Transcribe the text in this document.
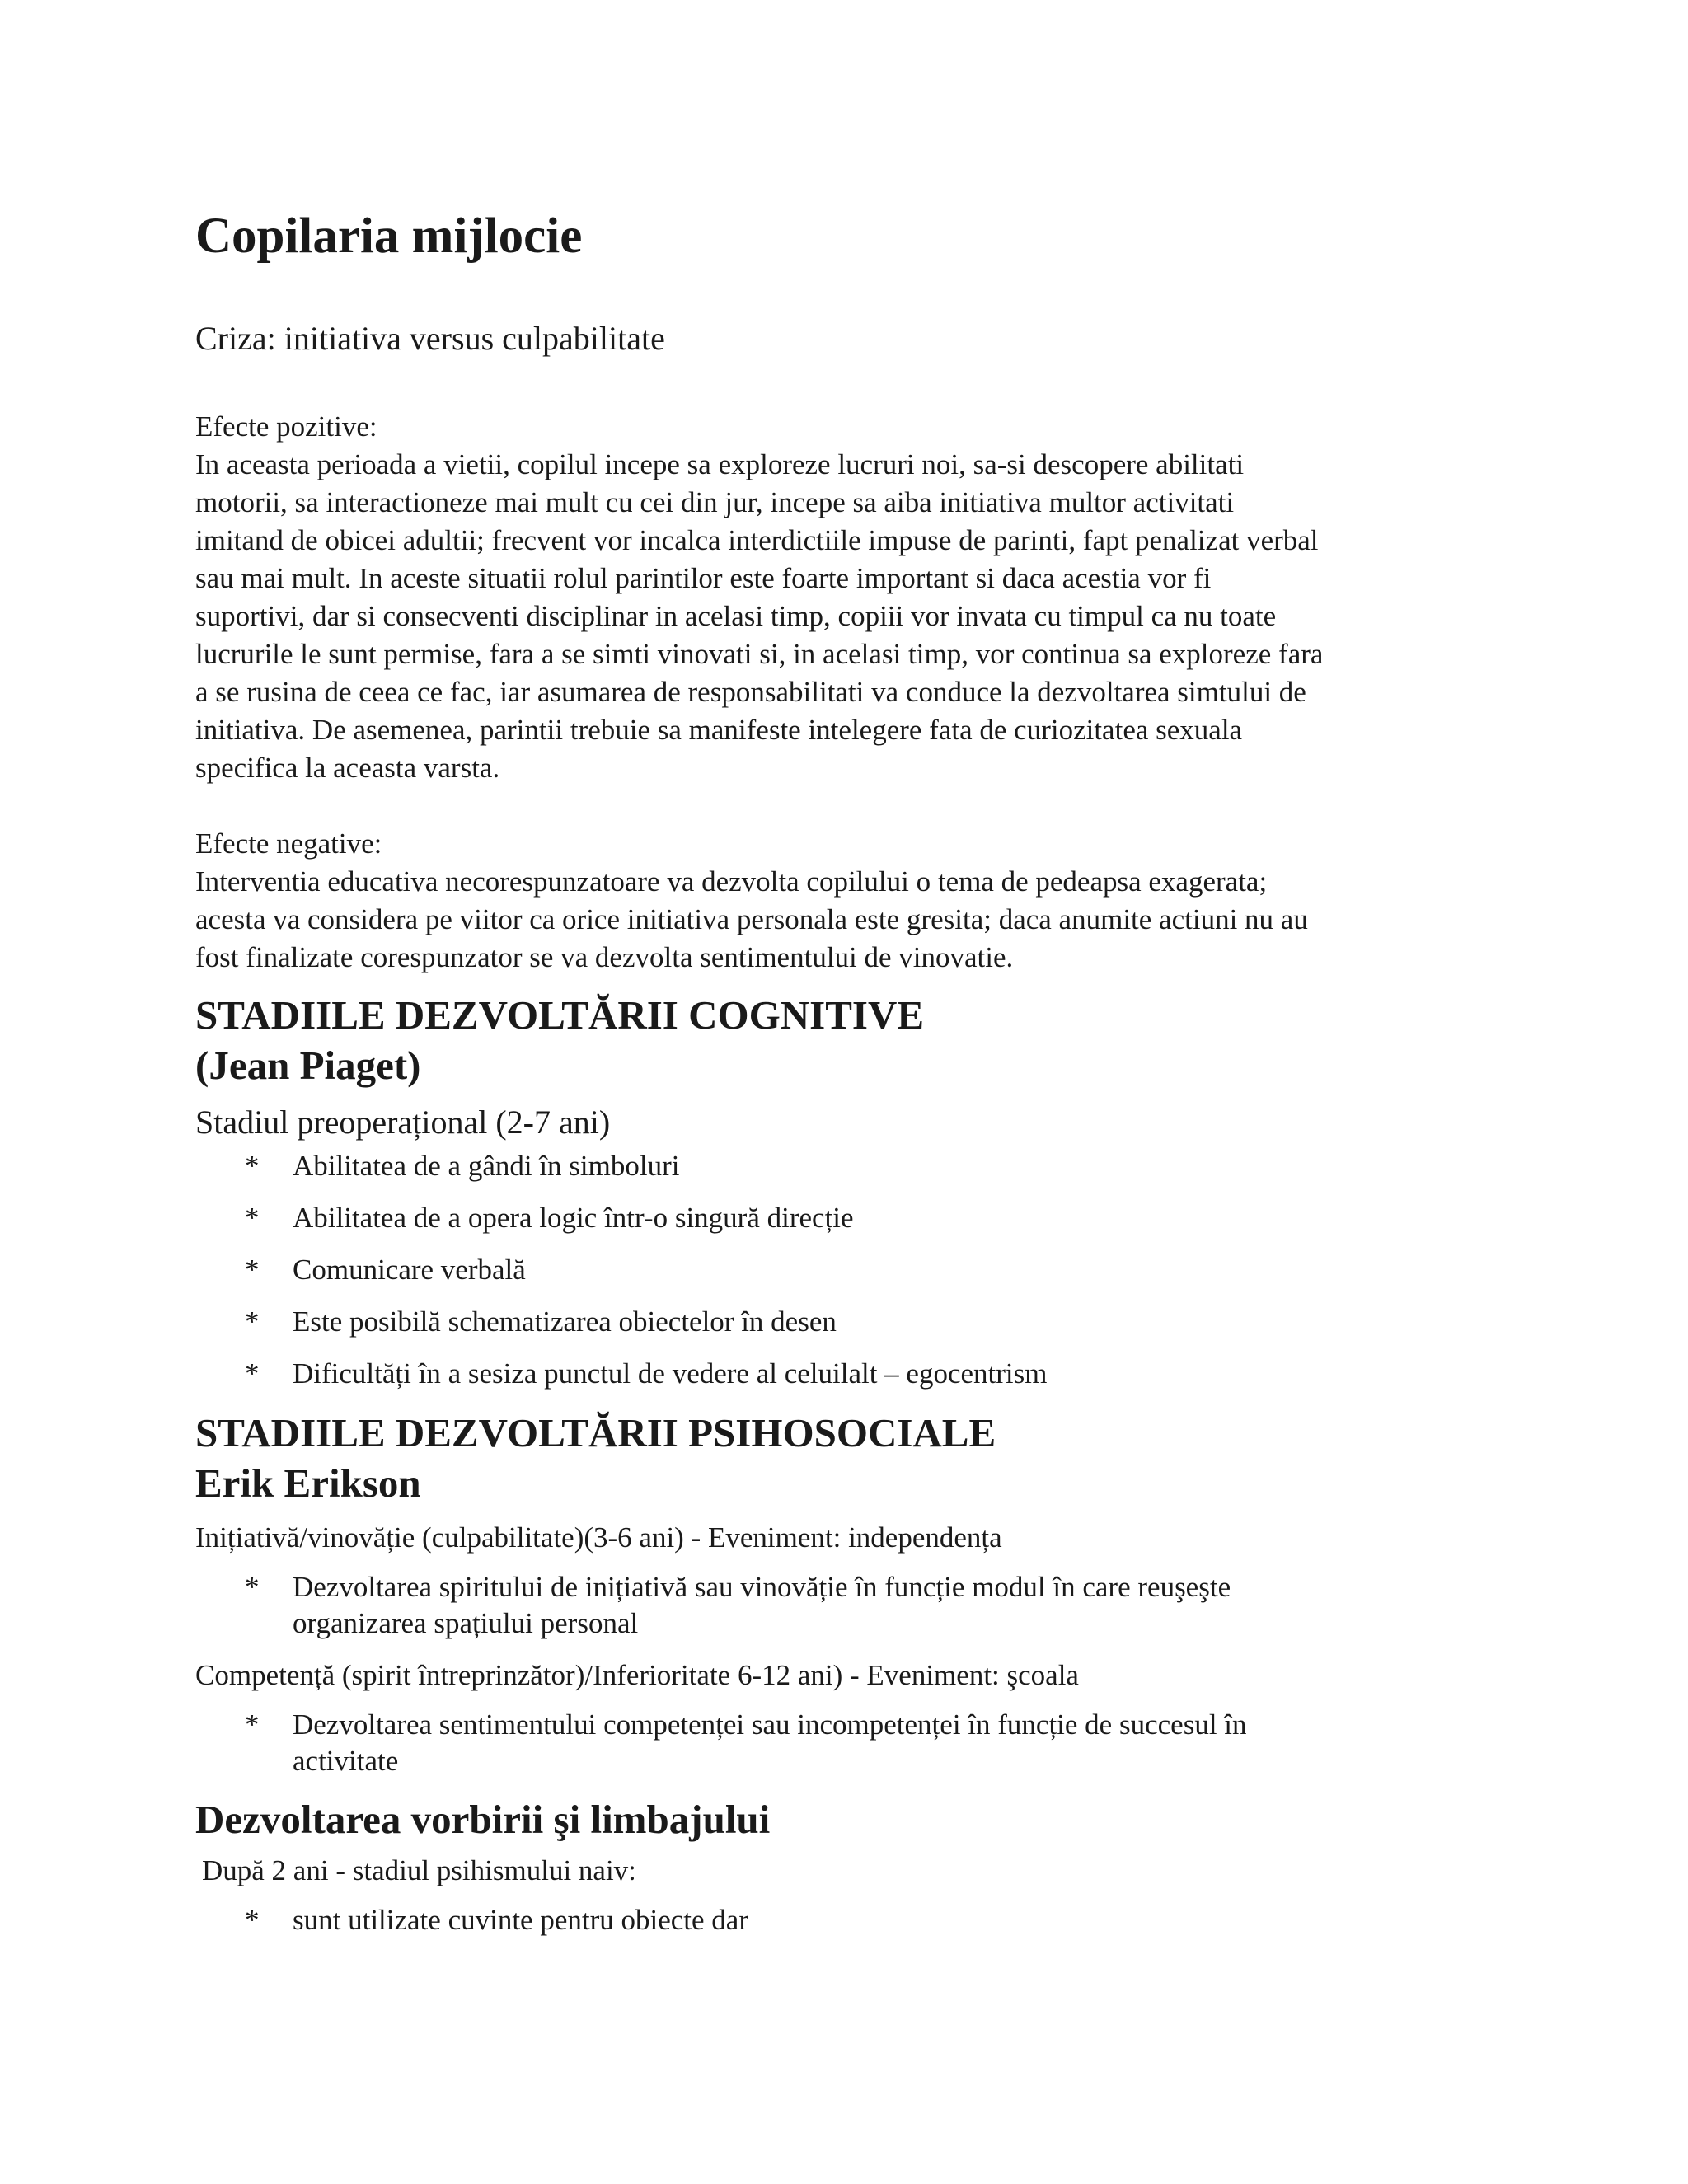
Copilaria mijlocie

Criza: initiativa versus culpabilitate

Efecte pozitive:

In aceasta perioada a vietii, copilul incepe sa exploreze lucruri noi, sa-si descopere abilitati

motorii, sa interactioneze mai mult cu cei din jur, incepe sa aiba initiativa multor activitati

imitand de obicei adultii; frecvent vor incalca interdictiile impuse de parinti, fapt penalizat verbal

sau mai mult. In aceste situatii rolul parintilor este foarte important si daca acestia vor fi

suportivi, dar si consecventi disciplinar in acelasi timp, copiii vor invata cu timpul ca nu toate

lucrurile le sunt permise, fara a se simti vinovati si, in acelasi timp, vor continua sa exploreze fara

a se rusina de ceea ce fac, iar asumarea de responsabilitati va conduce la dezvoltarea simtului de

initiativa. De asemenea, parintii trebuie sa manifeste intelegere fata de curiozitatea sexuala

specifica la aceasta varsta.

Efecte negative:

Interventia educativa necorespunzatoare va dezvolta copilului o tema de pedeapsa exagerata;

acesta va considera pe viitor ca orice initiativa personala este gresita; daca anumite actiuni nu au

fost finalizate corespunzator se va dezvolta sentimentului de vinovatie.

STADIILE DEZVOLTĂRII COGNITIVE
(Jean Piaget)

Stadiul preoperațional (2-7 ani)

* Abilitatea de a gândi în simboluri
* Abilitatea de a opera logic într-o singură direcție
* Comunicare verbală
* Este posibilă schematizarea obiectelor în desen
* Dificultăți în a sesiza punctul de vedere al celuilalt – egocentrism
STADIILE DEZVOLTĂRII PSIHOSOCIALE
Erik Erikson

Inițiativă/vinovăție (culpabilitate)(3-6 ani) - Eveniment: independența

* Dezvoltarea spiritului de inițiativă sau vinovăție în funcție modul în care reuşeşte
organizarea spațiului personal

Competență (spirit întreprinzător)/Inferioritate 6-12 ani) - Eveniment: şcoala

* Dezvoltarea sentimentului competenței sau incompetenței în funcție de succesul în
activitate
Dezvoltarea vorbirii şi limbajului

După 2 ani - stadiul psihismului naiv:

* sunt utilizate cuvinte pentru obiecte dar
